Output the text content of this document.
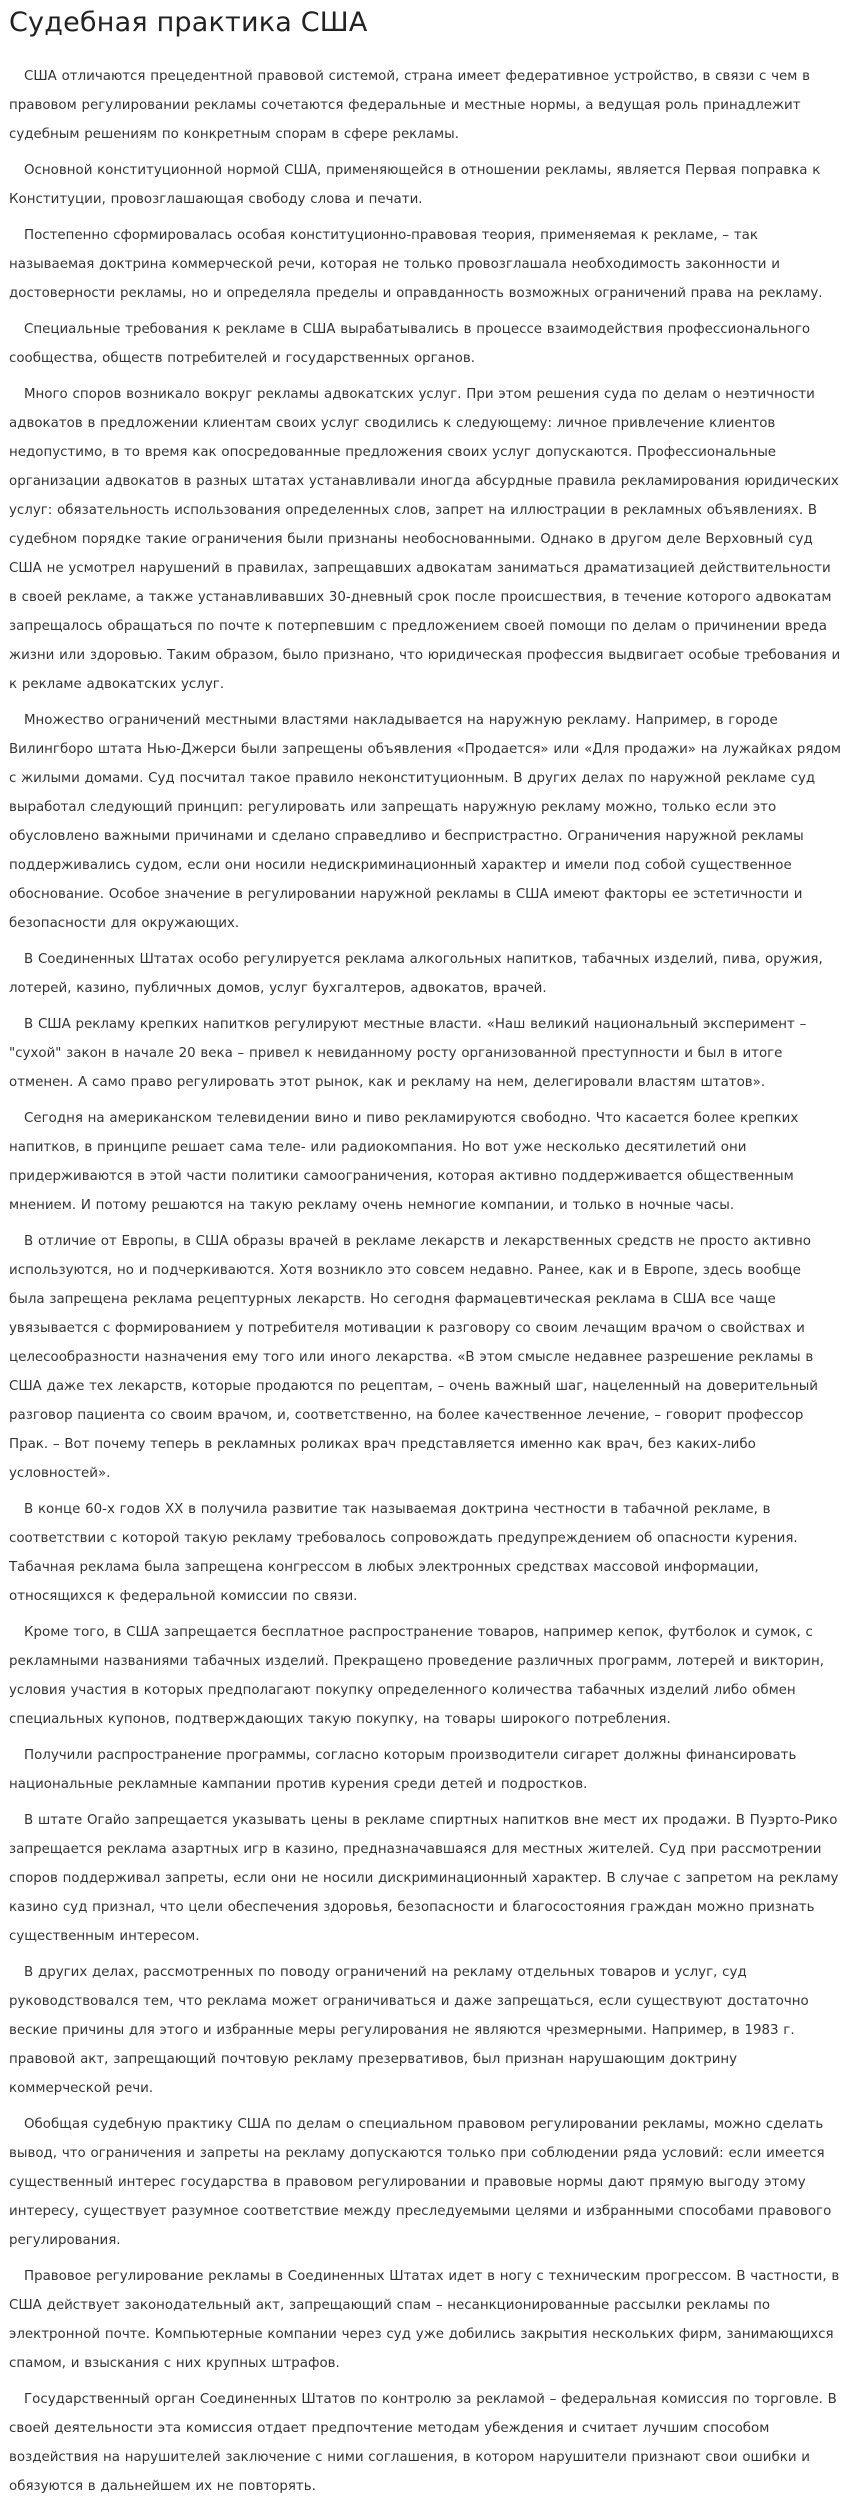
Судебная практика США

США отличаются прецедентной правовой системой, страна имеет федеративное устройство, в связи с чем в правовом регулировании рекламы сочетаются федеральные и местные нормы, а ведущая роль принадлежит судебным решениям по конкретным спорам в сфере рекламы.

Основной конституционной нормой США, применяющейся в отношении рекламы, является Первая поправка к Конституции, провозглашающая свободу слова и печати.

Постепенно сформировалась особая конституционно-правовая теория, применяемая к рекламе, – так называемая доктрина коммерческой речи, которая не только провозглашала необходимость законности и достоверности рекламы, но и определяла пределы и оправданность возможных ограничений права на рекламу.

Специальные требования к рекламе в США вырабатывались в процессе взаимодействия профессионального сообщества, обществ потребителей и государственных органов.

Много споров возникало вокруг рекламы адвокатских услуг. При этом решения суда по делам о неэтичности адвокатов в предложении клиентам своих услуг сводились к следующему: личное привлечение клиентов недопустимо, в то время как опосредованные предложения своих услуг допускаются. Профессиональные организации адвокатов в разных штатах устанавливали иногда абсурдные правила рекламирования юридических услуг: обязательность использования определенных слов, запрет на иллюстрации в рекламных объявлениях. В судебном порядке такие ограничения были признаны необоснованными. Однако в другом деле Верховный суд США не усмотрел нарушений в правилах, запрещавших адвокатам заниматься драматизацией действительности в своей рекламе, а также устанавливавших 30-дневный срок после происшествия, в течение которого адвокатам запрещалось обращаться по почте к потерпевшим с предложением своей помощи по делам о причинении вреда жизни или здоровью. Таким образом, было признано, что юридическая профессия выдвигает особые требования и к рекламе адвокатских услуг.

Множество ограничений местными властями накладывается на наружную рекламу. Например, в городе Вилингборо штата Нью-Джерси были запрещены объявления «Продается» или «Для продажи» на лужайках рядом с жилыми домами. Суд посчитал такое правило неконституционным. В других делах по наружной рекламе суд выработал следующий принцип: регулировать или запрещать наружную рекламу можно, только если это обусловлено важными причинами и сделано справедливо и беспристрастно. Ограничения наружной рекламы поддерживались судом, если они носили недискриминационный характер и имели под собой существенное обоснование. Особое значение в регулировании наружной рекламы в США имеют факторы ее эстетичности и безопасности для окружающих.

В Соединенных Штатах особо регулируется реклама алкогольных напитков, табачных изделий, пива, оружия, лотерей, казино, публичных домов, услуг бухгалтеров, адвокатов, врачей.

В США рекламу крепких напитков регулируют местные власти. «Наш великий национальный эксперимент – "сухой" закон в начале 20 века – привел к невиданному росту организованной преступности и был в итоге отменен. А само право регулировать этот рынок, как и рекламу на нем, делегировали властям штатов».

Сегодня на американском телевидении вино и пиво рекламируются свободно. Что касается более крепких напитков, в принципе решает сама теле- или радиокомпания. Но вот уже несколько десятилетий они придерживаются в этой части политики самоограничения, которая активно поддерживается общественным мнением. И потому решаются на такую рекламу очень немногие компании, и только в ночные часы.

В отличие от Европы, в США образы врачей в рекламе лекарств и лекарственных средств не просто активно используются, но и подчеркиваются. Хотя возникло это совсем недавно. Ранее, как и в Европе, здесь вообще была запрещена реклама рецептурных лекарств. Но сегодня фармацевтическая реклама в США все чаще увязывается с формированием у потребителя мотивации к разговору со своим лечащим врачом о свойствах и целесообразности назначения ему того или иного лекарства. «В этом смысле недавнее разрешение рекламы в США даже тех лекарств, которые продаются по рецептам, – очень важный шаг, нацеленный на доверительный разговор пациента со своим врачом, и, соответственно, на более качественное лечение, – говорит профессор Прак. – Вот почему теперь в рекламных роликах врач представляется именно как врач, без каких-либо условностей».

В конце 60-х годов XX в получила развитие так называемая доктрина честности в табачной рекламе, в соответствии с которой такую рекламу требовалось сопровождать предупреждением об опасности курения. Табачная реклама была запрещена конгрессом в любых электронных средствах массовой информации, относящихся к федеральной комиссии по связи.

Кроме того, в США запрещается бесплатное распространение товаров, например кепок, футболок и сумок, с рекламными названиями табачных изделий. Прекращено проведение различных программ, лотерей и викторин, условия участия в которых предполагают покупку определенного количества табачных изделий либо обмен специальных купонов, подтверждающих такую покупку, на товары широкого потребления.

Получили распространение программы, согласно которым производители сигарет должны финансировать национальные рекламные кампании против курения среди детей и подростков.

В штате Огайо запрещается указывать цены в рекламе спиртных напитков вне мест их продажи. В Пуэрто-Рико запрещается реклама азартных игр в казино, предназначавшаяся для местных жителей. Суд при рассмотрении споров поддерживал запреты, если они не носили дискриминационный характер. В случае с запретом на рекламу казино суд признал, что цели обеспечения здоровья, безопасности и благосостояния граждан можно признать существенным интересом.

В других делах, рассмотренных по поводу ограничений на рекламу отдельных товаров и услуг, суд руководствовался тем, что реклама может ограничиваться и даже запрещаться, если существуют достаточно веские причины для этого и избранные меры регулирования не являются чрезмерными. Например, в 1983 г. правовой акт, запрещающий почтовую рекламу презервативов, был признан нарушающим доктрину коммерческой речи.

Обобщая судебную практику США по делам о специальном правовом регулировании рекламы, можно сделать вывод, что ограничения и запреты на рекламу допускаются только при соблюдении ряда условий: если имеется существенный интерес государства в правовом регулировании и правовые нормы дают прямую выгоду этому интересу, существует разумное соответствие между преследуемыми целями и избранными способами правового регулирования.

Правовое регулирование рекламы в Соединенных Штатах идет в ногу с техническим прогрессом. В частности, в США действует законодательный акт, запрещающий спам – несанкционированные рассылки рекламы по электронной почте. Компьютерные компании через суд уже добились закрытия нескольких фирм, занимающихся спамом, и взыскания с них крупных штрафов.

Государственный орган Соединенных Штатов по контролю за рекламой – федеральная комиссия по торговле. В своей деятельности эта комиссия отдает предпочтение методам убеждения и считает лучшим способом воздействия на нарушителей заключение с ними соглашения, в котором нарушители признают свои ошибки и обязуются в дальнейшем их не повторять.
